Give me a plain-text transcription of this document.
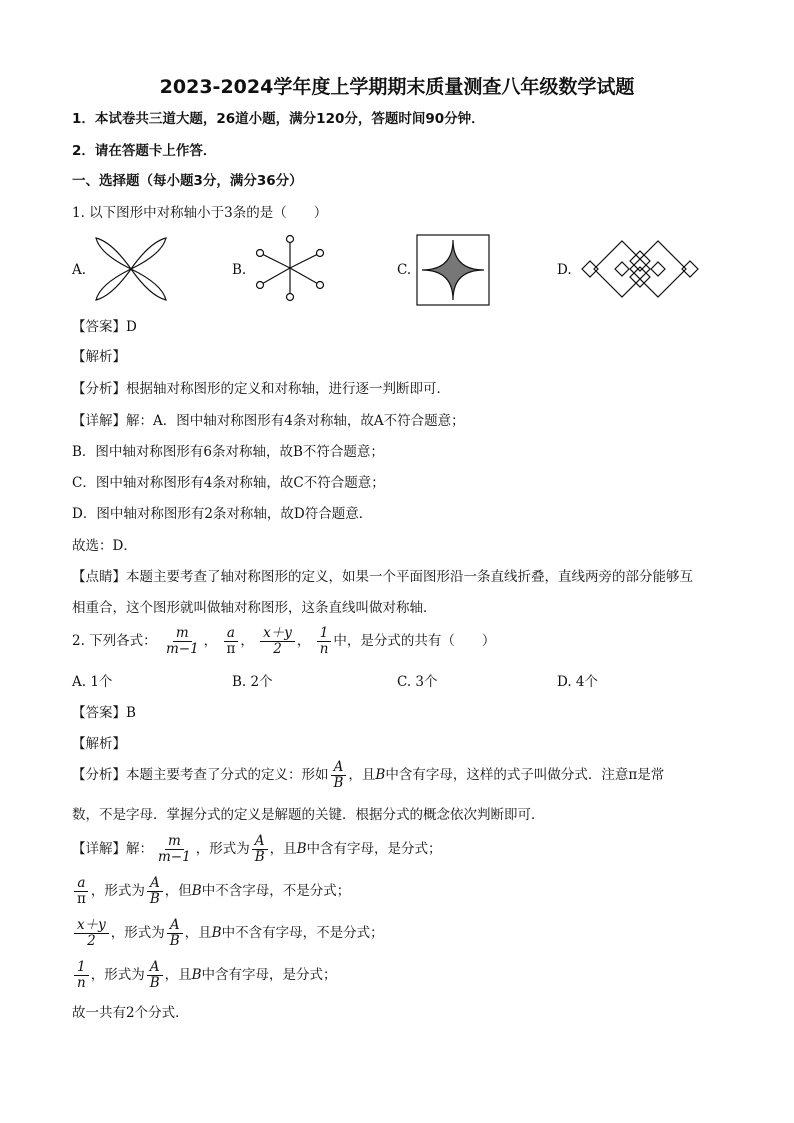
2023-2024学年度上学期期末质量测查八年级数学试题
1．本试卷共三道大题，26道小题，满分120分，答题时间90分钟．
2．请在答题卡上作答．
一、选择题（每小题3分，满分36分）
1. 以下图形中对称轴小于3条的是（　　）
A.	B.	C.	D.
【答案】D
【解析】
【分析】根据轴对称图形的定义和对称轴，进行逐一判断即可．
【详解】解：A．图中轴对称图形有4条对称轴，故A不符合题意；
B．图中轴对称图形有6条对称轴，故B不符合题意；
C．图中轴对称图形有4条对称轴，故C不符合题意；
D．图中轴对称图形有2条对称轴，故D符合题意．
故选：D．
【点睛】本题主要考查了轴对称图形的定义，如果一个平面图形沿一条直线折叠，直线两旁的部分能够互
相重合，这个图形就叫做轴对称图形，这条直线叫做对称轴．
2. 下列各式： $\frac{m}{m-1}$ ， $\frac{a}{\pi}$ ， $\frac{x+y}{2}$ ， $\frac{1}{n}$ 中，是分式的共有（　　）
A. 1个	B. 2个	C. 3个	D. 4个
【答案】B
【解析】
【分析】本题主要考查了分式的定义：形如 $\frac{A}{B}$ ，且B中含有字母，这样的式子叫做分式．注意π是常
数，不是字母．掌握分式的定义是解题的关键．根据分式的概念依次判断即可．
【详解】解： $\frac{m}{m-1}$ ，形式为 $\frac{A}{B}$ ，且B中含有字母，是分式；
$\frac{a}{\pi}$ ，形式为 $\frac{A}{B}$ ，但B中不含字母，不是分式；
$\frac{x+y}{2}$ ，形式为 $\frac{A}{B}$ ，且B中不含有字母，不是分式；
$\frac{1}{n}$ ，形式为 $\frac{A}{B}$ ，且B中含有字母，是分式；
故一共有2个分式．
